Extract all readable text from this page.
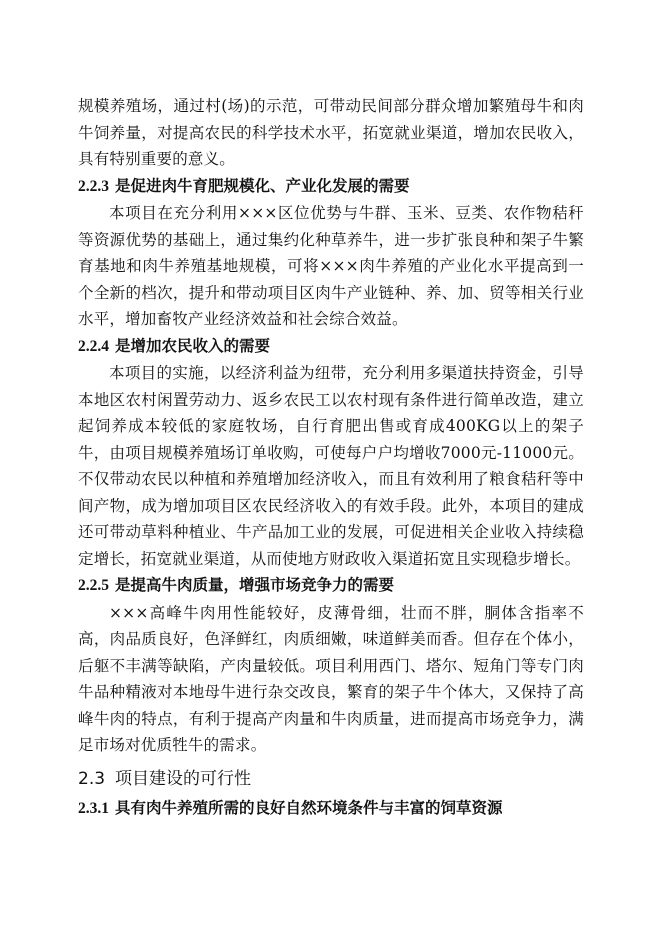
规模养殖场，通过村(场)的示范，可带动民间部分群众增加繁殖母牛和肉牛饲养量，对提高农民的科学技术水平，拓宽就业渠道，增加农民收入，具有特别重要的意义。

2.2.3 是促进肉牛育肥规模化、产业化发展的需要

本项目在充分利用×××区位优势与牛群、玉米、豆类、农作物秸秆等资源优势的基础上，通过集约化种草养牛，进一步扩张良种和架子牛繁育基地和肉牛养殖基地规模，可将×××肉牛养殖的产业化水平提高到一个全新的档次，提升和带动项目区肉牛产业链种、养、加、贸等相关行业水平，增加畜牧产业经济效益和社会综合效益。

2.2.4 是增加农民收入的需要

本项目的实施，以经济利益为纽带，充分利用多渠道扶持资金，引导本地区农村闲置劳动力、返乡农民工以农村现有条件进行简单改造，建立起饲养成本较低的家庭牧场，自行育肥出售或育成400KG以上的架子牛，由项目规模养殖场订单收购，可使每户户均增收7000元-11000元。不仅带动农民以种植和养殖增加经济收入，而且有效利用了粮食秸秆等中间产物，成为增加项目区农民经济收入的有效手段。此外，本项目的建成还可带动草料种植业、牛产品加工业的发展，可促进相关企业收入持续稳定增长，拓宽就业渠道，从而使地方财政收入渠道拓宽且实现稳步增长。

2.2.5 是提高牛肉质量，增强市场竞争力的需要

×××高峰牛肉用性能较好，皮薄骨细，壮而不胖，胴体含指率不高，肉品质良好，色泽鲜红，肉质细嫩，味道鲜美而香。但存在个体小，后躯不丰满等缺陷，产肉量较低。项目利用西门、塔尔、短角门等专门肉牛品种精液对本地母牛进行杂交改良，繁育的架子牛个体大，又保持了高峰牛肉的特点，有利于提高产肉量和牛肉质量，进而提高市场竞争力，满足市场对优质牲牛的需求。

2.3 项目建设的可行性
2.3.1 具有肉牛养殖所需的良好自然环境条件与丰富的饲草资源
